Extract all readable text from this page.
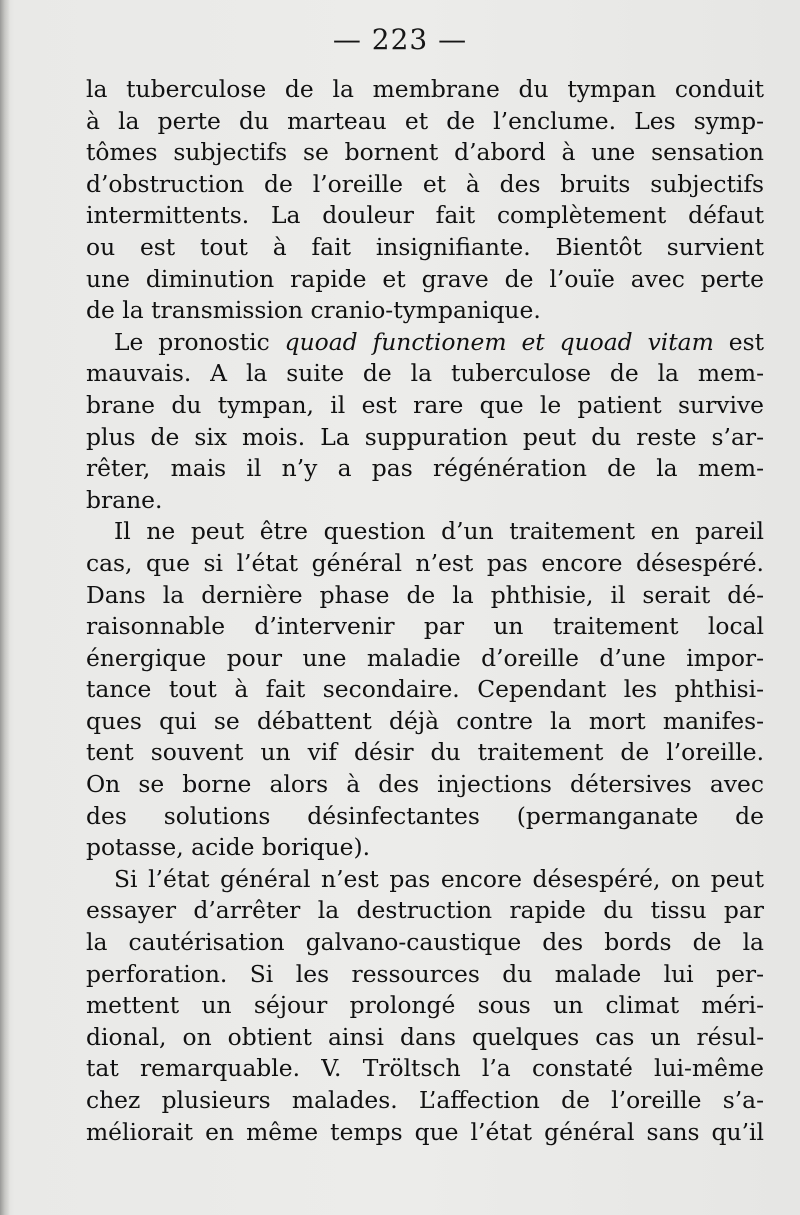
— 223 —
la tuberculose de la membrane du tympan conduit
à la perte du marteau et de l’enclume. Les symp-
tômes subjectifs se bornent d’abord à une sensation
d’obstruction de l’oreille et à des bruits subjectifs
intermittents. La douleur fait complètement défaut
ou est tout à fait insignifiante. Bientôt survient
une diminution rapide et grave de l’ouïe avec perte
de la transmission cranio-tympanique.
Le pronostic quoad functionem et quoad vitam est
mauvais. A la suite de la tuberculose de la mem-
brane du tympan, il est rare que le patient survive
plus de six mois. La suppuration peut du reste s’ar-
rêter, mais il n’y a pas régénération de la mem-
brane.
Il ne peut être question d’un traitement en pareil
cas, que si l’état général n’est pas encore désespéré.
Dans la dernière phase de la phthisie, il serait dé-
raisonnable d’intervenir par un traitement local
énergique pour une maladie d’oreille d’une impor-
tance tout à fait secondaire. Cependant les phthisi-
ques qui se débattent déjà contre la mort manifes-
tent souvent un vif désir du traitement de l’oreille.
On se borne alors à des injections détersives avec
des solutions désinfectantes (permanganate de
potasse, acide borique).
Si l’état général n’est pas encore désespéré, on peut
essayer d’arrêter la destruction rapide du tissu par
la cautérisation galvano-caustique des bords de la
perforation. Si les ressources du malade lui per-
mettent un séjour prolongé sous un climat méri-
dional, on obtient ainsi dans quelques cas un résul-
tat remarquable. V. Tröltsch l’a constaté lui-même
chez plusieurs malades. L’affection de l’oreille s’a-
méliorait en même temps que l’état général sans qu’il
